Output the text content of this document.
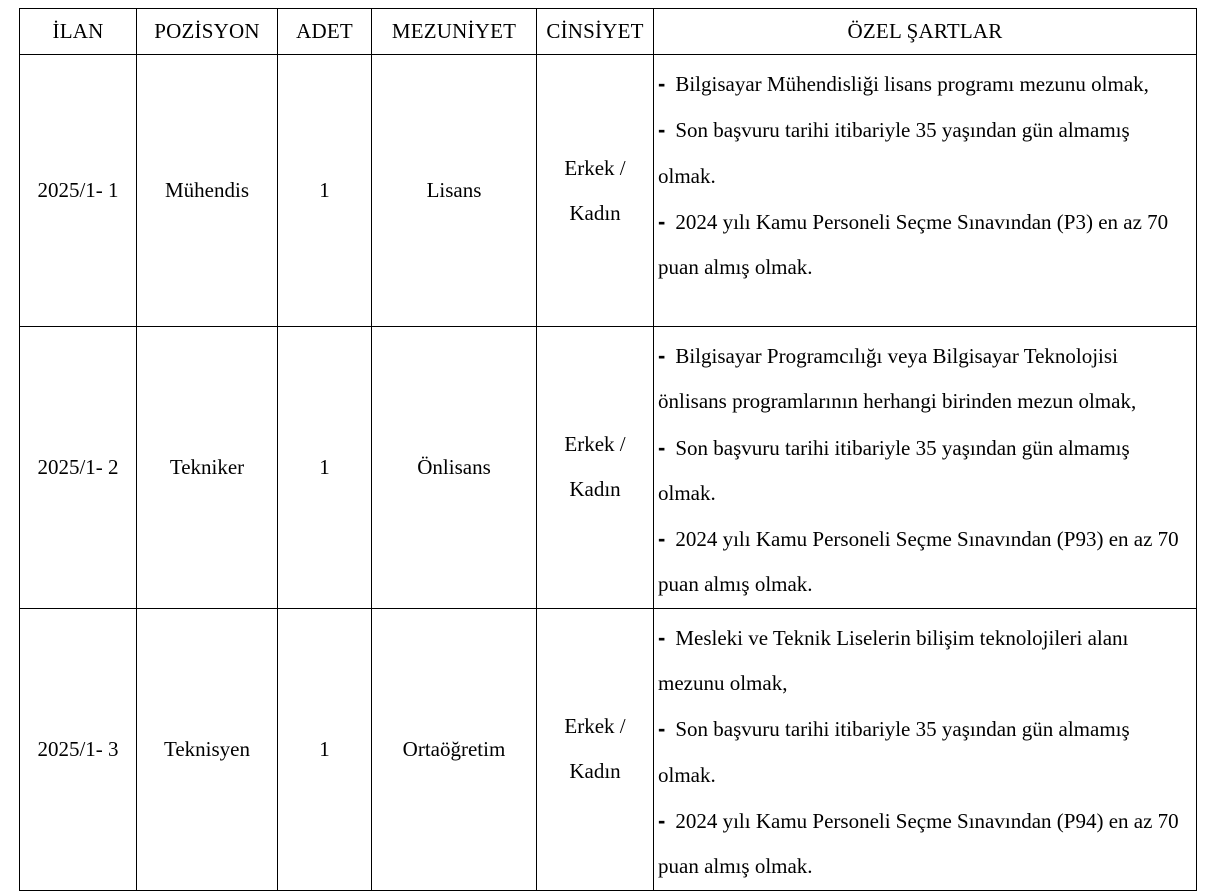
İLAN	POZİSYON	ADET	MEZUNİYET	CİNSİYET	ÖZEL ŞARTLAR
2025/1- 1	Mühendis	1	Lisans	Erkek / Kadın	- Bilgisayar Mühendisliği lisans programı mezunu olmak,
- Son başvuru tarihi itibariyle 35 yaşından gün almamış olmak.
- 2024 yılı Kamu Personeli Seçme Sınavından (P3) en az 70 puan almış olmak.

2025/1- 2	Tekniker	1	Önlisans	Erkek / Kadın	- Bilgisayar Programcılığı veya Bilgisayar Teknolojisi önlisans programlarının herhangi birinden mezun olmak,
- Son başvuru tarihi itibariyle 35 yaşından gün almamış olmak.
- 2024 yılı Kamu Personeli Seçme Sınavından (P93) en az 70 puan almış olmak.

2025/1- 3	Teknisyen	1	Ortaöğretim	Erkek / Kadın	- Mesleki ve Teknik Liselerin bilişim teknolojileri alanı mezunu olmak,
- Son başvuru tarihi itibariyle 35 yaşından gün almamış olmak.
- 2024 yılı Kamu Personeli Seçme Sınavından (P94) en az 70 puan almış olmak.
